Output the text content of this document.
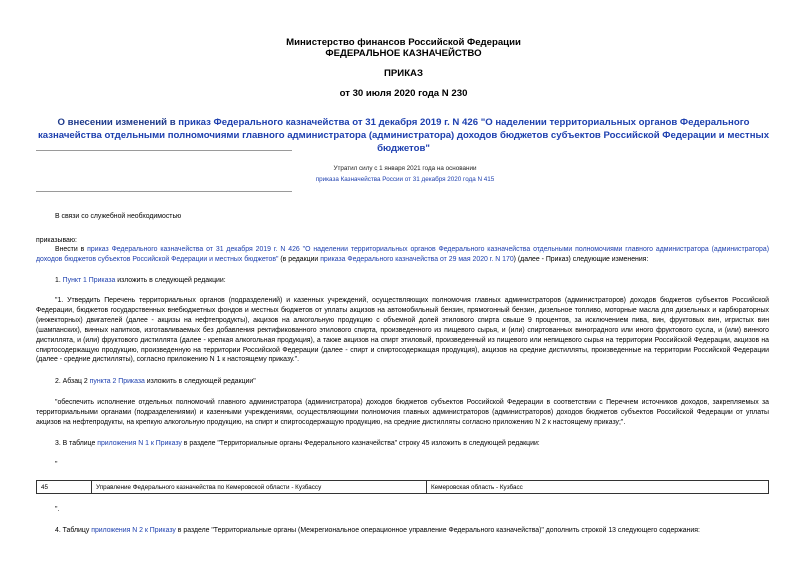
Министерство финансов Российской Федерации
ФЕДЕРАЛЬНОЕ КАЗНАЧЕЙСТВО
ПРИКАЗ
от 30 июля 2020 года N 230
О внесении изменений в приказ Федерального казначейства от 31 декабря 2019 г. N 426 "О наделении территориальных органов Федерального казначейства отдельными полномочиями главного администратора (администратора) доходов бюджетов субъектов Российской Федерации и местных бюджетов"
Утратил силу с 1 января 2021 года на основании
приказа Казначейства России от 31 декабря 2020 года N 415
В связи со служебной необходимостью
приказываю:
Внести в приказ Федерального казначейства от 31 декабря 2019 г. N 426 "О наделении территориальных органов Федерального казначейства отдельными полномочиями главного администратора (администратора) доходов бюджетов субъектов Российской Федерации и местных бюджетов" (в редакции приказа Федерального казначейства от 29 мая 2020 г. N 170) (далее - Приказ) следующие изменения:
1. Пункт 1 Приказа изложить в следующей редакции:
"1. Утвердить Перечень территориальных органов (подразделений) и казенных учреждений, осуществляющих полномочия главных администраторов (администраторов) доходов бюджетов субъектов Российской Федерации, бюджетов государственных внебюджетных фондов и местных бюджетов от уплаты акцизов на автомобильный бензин, прямогонный бензин, дизельное топливо, моторные масла для дизельных и карбюраторных (инжекторных) двигателей (далее - акцизы на нефтепродукты), акцизов на алкогольную продукцию с объемной долей этилового спирта свыше 9 процентов, за исключением пива, вин, фруктовых вин, игристых вин (шампанских), винных напитков, изготавливаемых без добавления ректификованного этилового спирта, произведенного из пищевого сырья, и (или) спиртованных виноградного или иного фруктового сусла, и (или) винного дистиллята, и (или) фруктового дистиллята (далее - крепкая алкогольная продукция), а также акцизов на спирт этиловый, произведенный из пищевого или непищевого сырья на территории Российской Федерации, акцизов на спиртосодержащую продукцию, произведенную на территории Российской Федерации (далее - спирт и спиртосодержащая продукция), акцизов на средние дистилляты, произведенные на территории Российской Федерации (далее - средние дистилляты), согласно приложению N 1 к настоящему приказу.".
2. Абзац 2 пункта 2 Приказа изложить в следующей редакции"
"обеспечить исполнение отдельных полномочий главного администратора (администратора) доходов бюджетов субъектов Российской Федерации в соответствии с Перечнем источников доходов, закрепляемых за территориальными органами (подразделениями) и казенными учреждениями, осуществляющими полномочия главных администраторов (администраторов) доходов бюджетов субъектов Российской Федерации от уплаты акцизов на нефтепродукты, на крепкую алкогольную продукцию, на спирт и спиртосодержащую продукцию, на средние дистилляты согласно приложению N 2 к настоящему приказу;".
3. В таблице приложения N 1 к Приказу в разделе "Территориальные органы Федерального казначейства" строку 45 изложить в следующей редакции:
"
45	Управление Федерального казначейства по Кемеровской области - Кузбассу	Кемеровская область - Кузбасс
".
4. Таблицу приложения N 2 к Приказу в разделе "Территориальные органы (Межрегиональное операционное управление Федерального казначейства)" дополнить строкой 13 следующего содержания:
